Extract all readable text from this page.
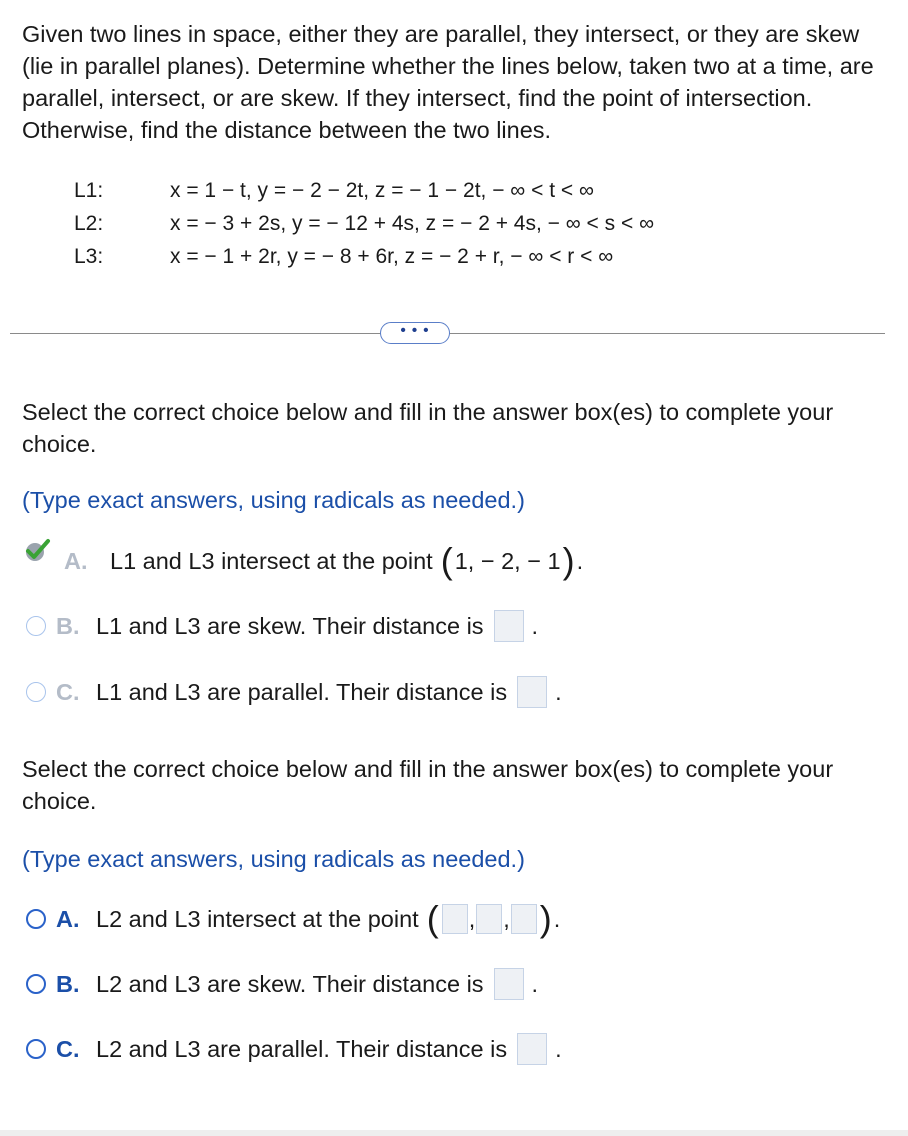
Given two lines in space, either they are parallel, they intersect, or they are skew (lie in parallel planes). Determine whether the lines below, taken two at a time, are parallel, intersect, or are skew. If they intersect, find the point of intersection. Otherwise, find the distance between the two lines.
L1:	x = 1 − t, y = − 2 − 2t, z = − 1 − 2t, − ∞ < t < ∞
L2:	x = − 3 + 2s, y = − 12 + 4s, z = − 2 + 4s, − ∞ < s < ∞
L3:	x = − 1 + 2r, y = − 8 + 6r, z = − 2 + r, − ∞ < r < ∞
• • •
Select the correct choice below and fill in the answer box(es) to complete your choice.
(Type exact answers, using radicals as needed.)
A. L1 and L3 intersect at the point ( 1 ,
− 2 ,
− 1 ) .
B. L1 and L3 are skew. Their distance is .
C. L1 and L3 are parallel. Their distance is .
Select the correct choice below and fill in the answer box(es) to complete your choice.
(Type exact answers, using radicals as needed.)
A. L2 and L3 intersect at the point ( , , ) .
B. L2 and L3 are skew. Their distance is .
C. L2 and L3 are parallel. Their distance is .
